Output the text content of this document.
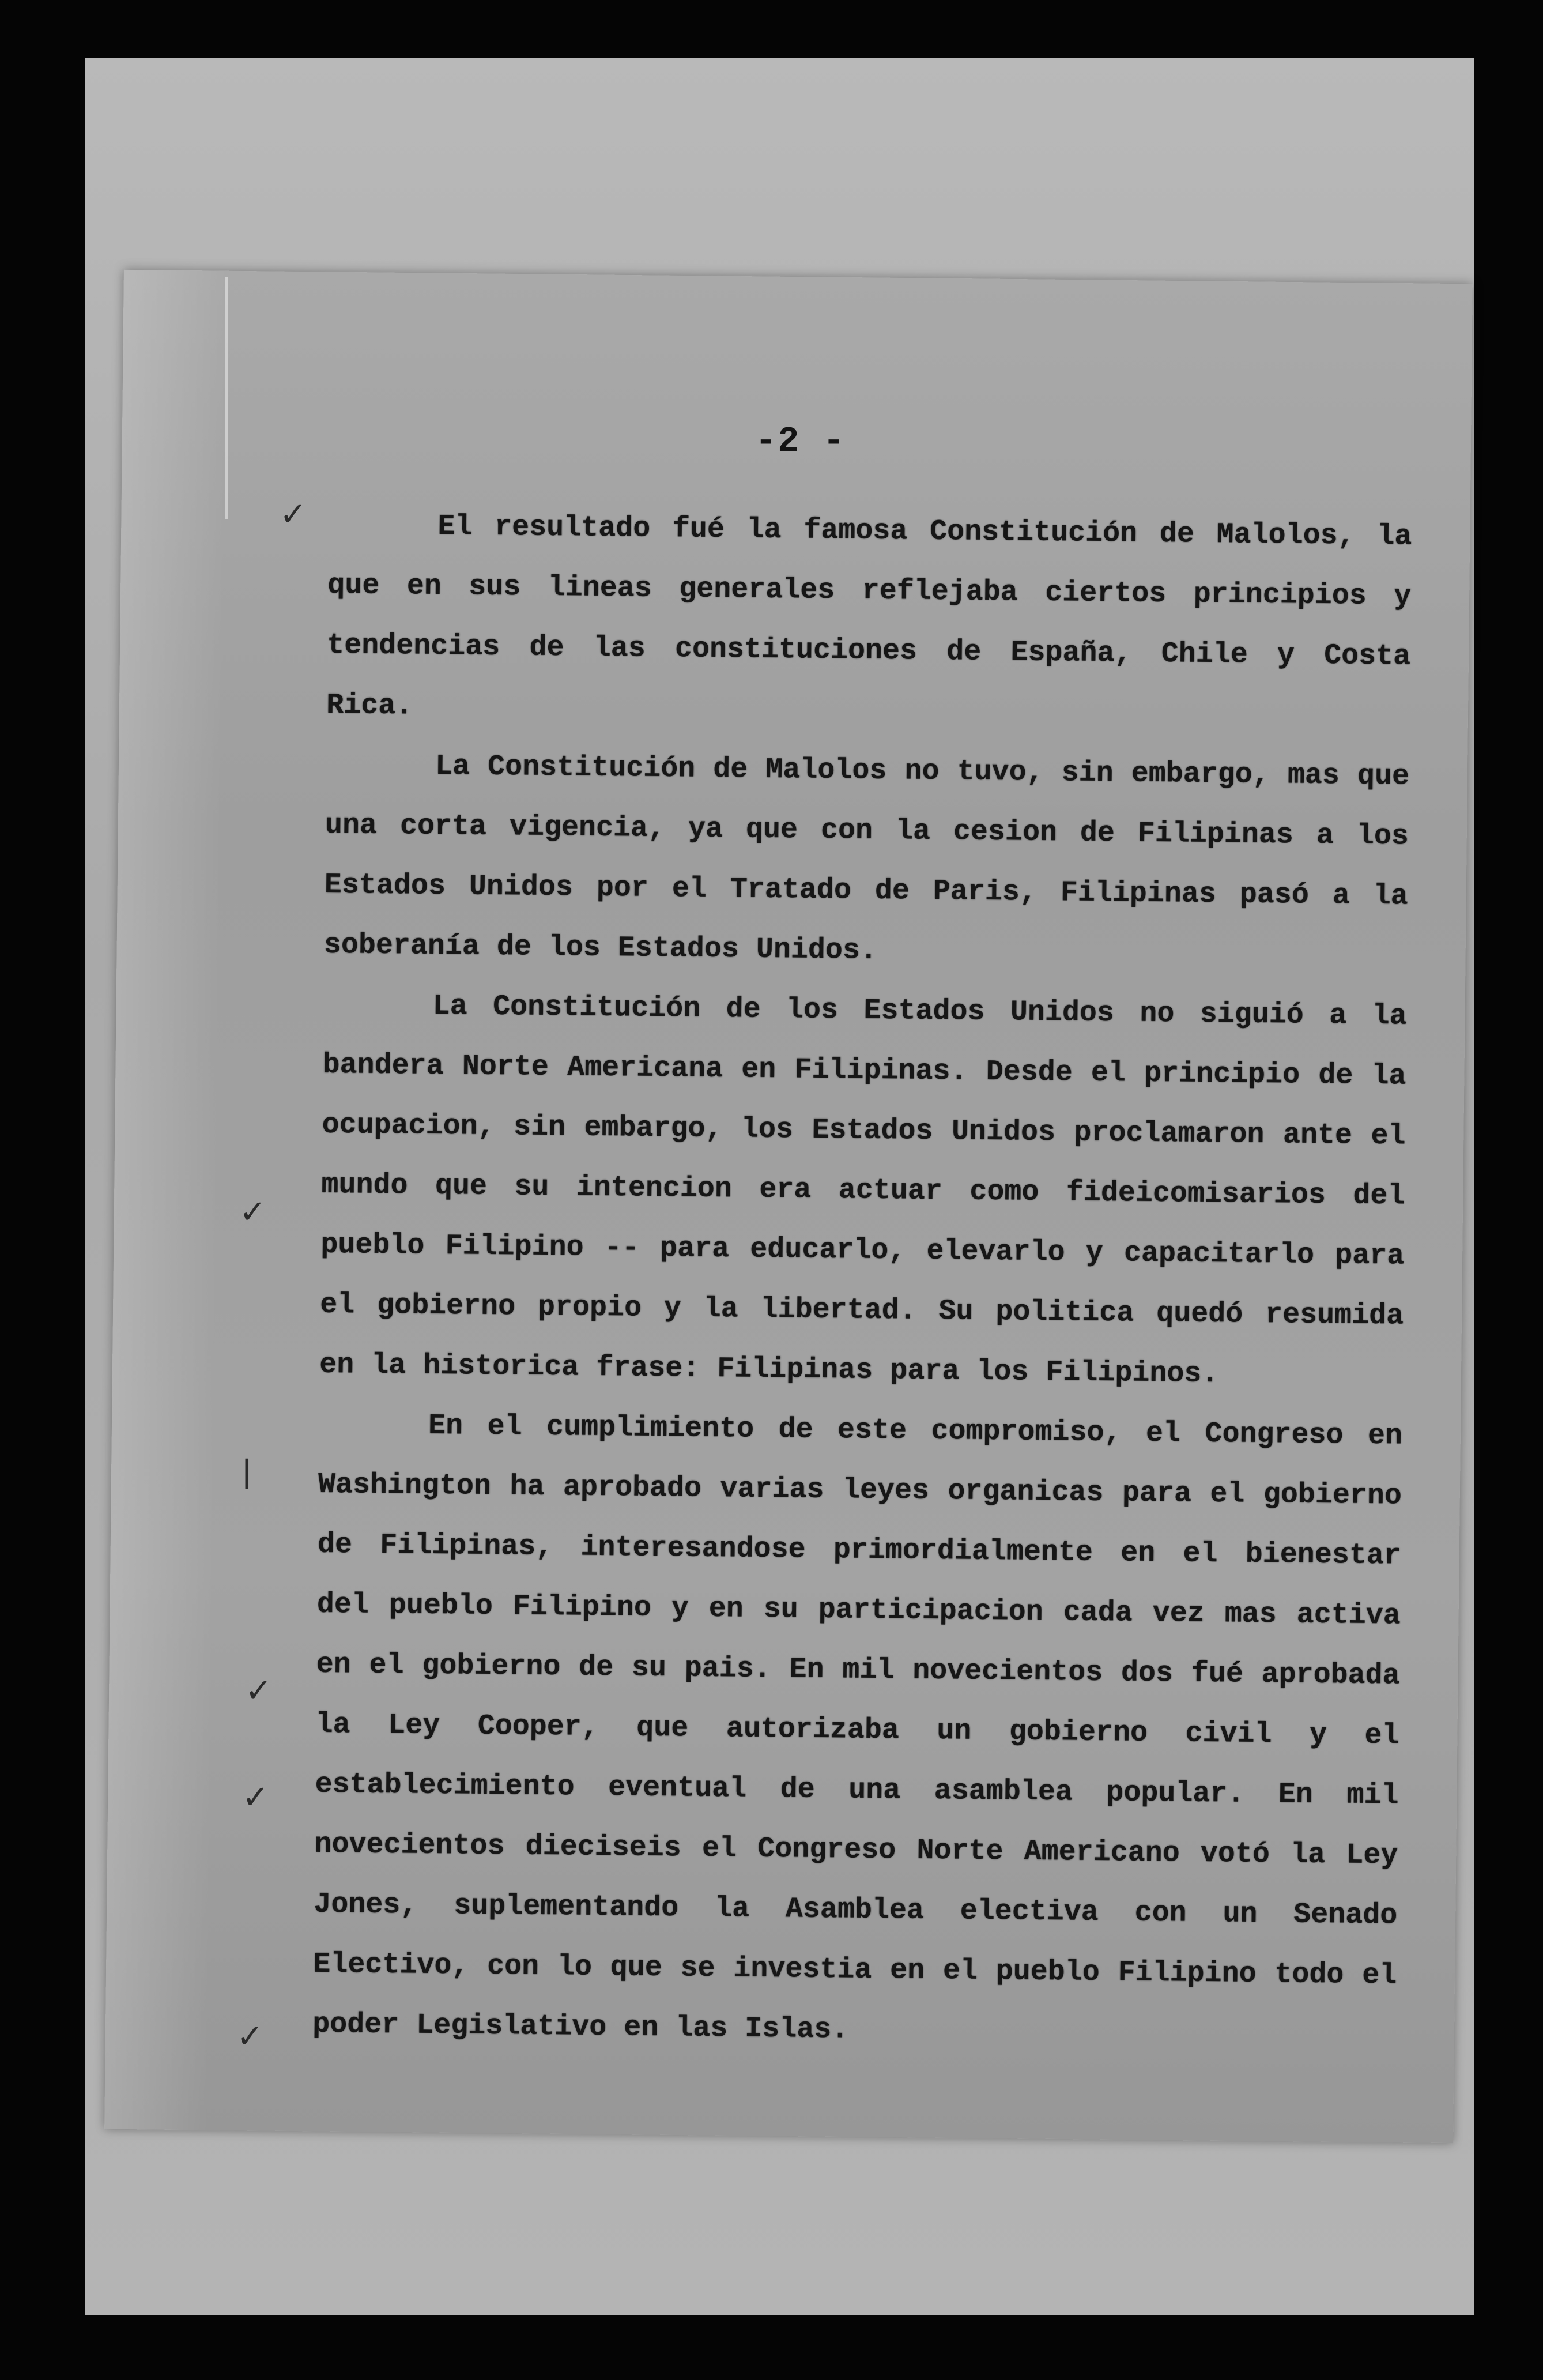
-2 -
✓
✓
ǀ
✓
✓
✓

El resultado fué la famosa Constitución de Malolos, la que en sus lineas generales reflejaba ciertos principios y tendencias de las constituciones de España, Chile y Costa Rica.

La Constitución de Malolos no tuvo, sin embargo, mas que una corta vigencia, ya que con la cesion de Filipinas a los Estados Unidos por el Tratado de Paris, Filipinas pasó a la soberanía de los Estados Unidos.

La Constitución de los Estados Unidos no siguió a la bandera Norte Americana en Filipinas. Desde el principio de la ocupacion, sin embargo, los Estados Unidos proclamaron ante el mundo que su intencion era actuar como fideicomisarios del pueblo Filipino -- para educarlo, elevarlo y capacitarlo para el gobierno propio y la libertad. Su politica quedó resumida en la historica frase: Filipinas para los Filipinos.

En el cumplimiento de este compromiso, el Congreso en Washington ha aprobado varias leyes organicas para el gobierno de Filipinas, interesandose primordialmente en el bienestar del pueblo Filipino y en su participacion cada vez mas activa en el gobierno de su pais. En mil novecientos dos fué aprobada la Ley Cooper, que autorizaba un gobierno civil y el establecimiento eventual de una asamblea popular. En mil novecientos dieciseis el Congreso Norte Americano votó la Ley Jones, suplementando la Asamblea electiva con un Senado Electivo, con lo que se investia en el pueblo Filipino todo el poder Legislativo en las Islas.
